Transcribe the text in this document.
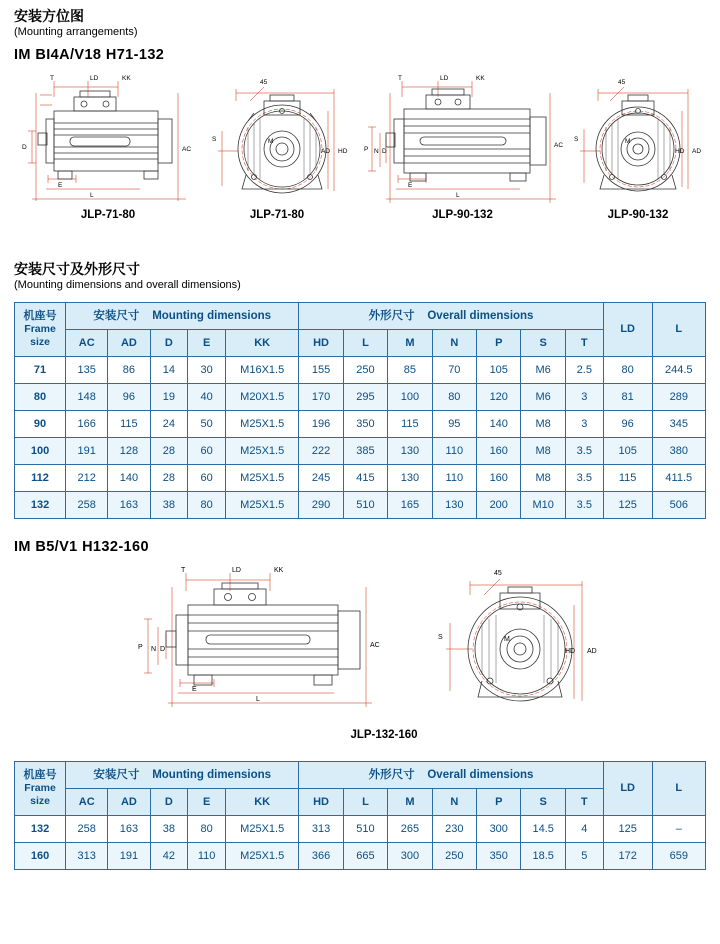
安装方位图
(Mounting arrangements)
IM BI4A/V18 H71-132
T	LD	KK
D
E
L
AC
JLP-71-80
45
S
HD
AD
M
JLP-71-80
T	LD	KK
P N D
E
L
AC
JLP-90-132
45
S
AD
HD
M
JLP-90-132
安装尺寸及外形尺寸
(Mounting dimensions and overall dimensions)
机座号
Frame
size	安装尺寸 Mounting dimensions					外形尺寸 Overall dimensions							LD	L
	AC	AD	D	E	KK	HD	L	M	N	P	S	T		
71	135	86	14	30	M16X1.5	155	250	85	70	105	M6	2.5	80	244.5
80	148	96	19	40	M20X1.5	170	295	100	80	120	M6	3	81	289
90	166	115	24	50	M25X1.5	196	350	115	95	140	M8	3	96	345
100	191	128	28	60	M25X1.5	222	385	130	110	160	M8	3.5	105	380
112	212	140	28	60	M25X1.5	245	415	130	110	160	M8	3.5	115	411.5
132	258	163	38	80	M25X1.5	290	510	165	130	200	M10	3.5	125	506
IM B5/V1 H132-160
T	LD	KK
P N D
E
L
AC
45
S
AD
HD
M
JLP-132-160
机座号
Frame
size	安装尺寸 Mounting dimensions					外形尺寸 Overall dimensions							LD	L
	AC	AD	D	E	KK	HD	L	M	N	P	S	T		
132	258	163	38	80	M25X1.5	313	510	265	230	300	14.5	4	125	–
160	313	191	42	110	M25X1.5	366	665	300	250	350	18.5	5	172	659
